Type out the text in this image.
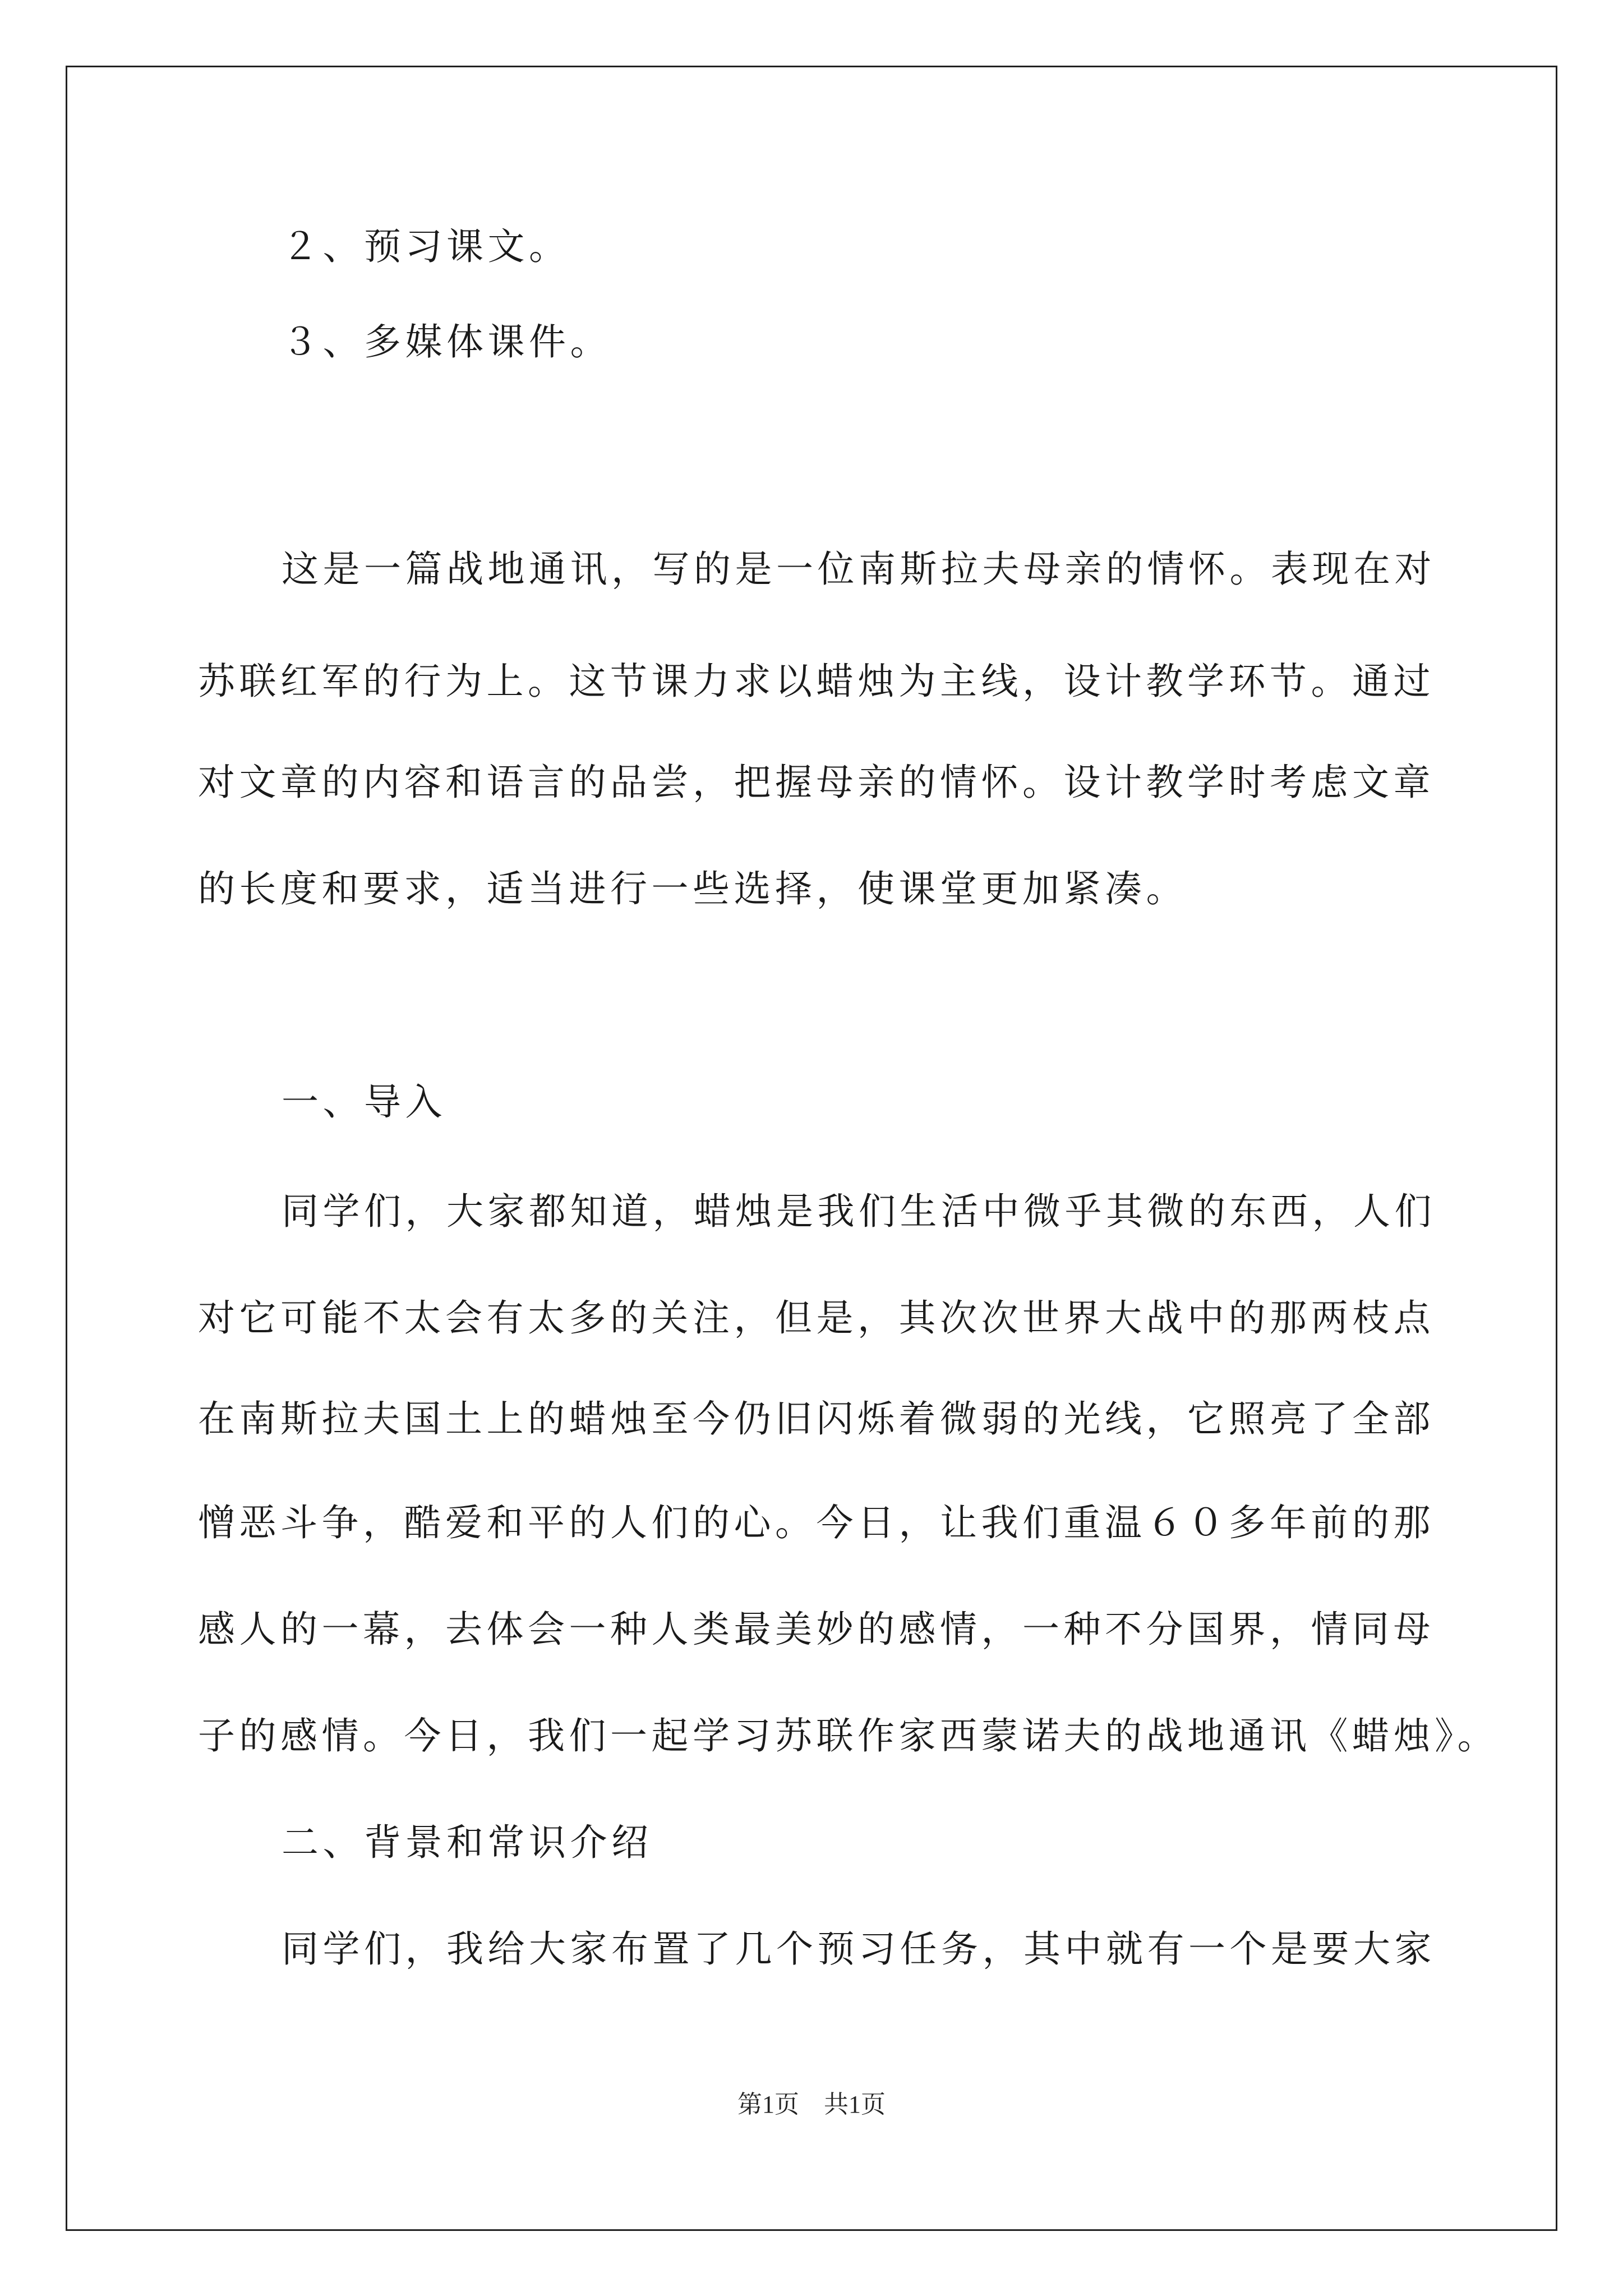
２、预习课文。
３、多媒体课件。
这是一篇战地通讯，写的是一位南斯拉夫母亲的情怀。表现在对
苏联红军的行为上。这节课力求以蜡烛为主线，设计教学环节。通过
对文章的内容和语言的品尝，把握母亲的情怀。设计教学时考虑文章
的长度和要求，适当进行一些选择，使课堂更加紧凑。
一、导入
同学们，大家都知道，蜡烛是我们生活中微乎其微的东西，人们
对它可能不太会有太多的关注，但是，其次次世界大战中的那两枝点
在南斯拉夫国土上的蜡烛至今仍旧闪烁着微弱的光线，它照亮了全部
憎恶斗争，酷爱和平的人们的心。今日，让我们重温６０多年前的那
感人的一幕，去体会一种人类最美妙的感情，一种不分国界，情同母
子的感情。今日，我们一起学习苏联作家西蒙诺夫的战地通讯《蜡烛》。
二、背景和常识介绍
同学们，我给大家布置了几个预习任务，其中就有一个是要大家
第1页　共1页
